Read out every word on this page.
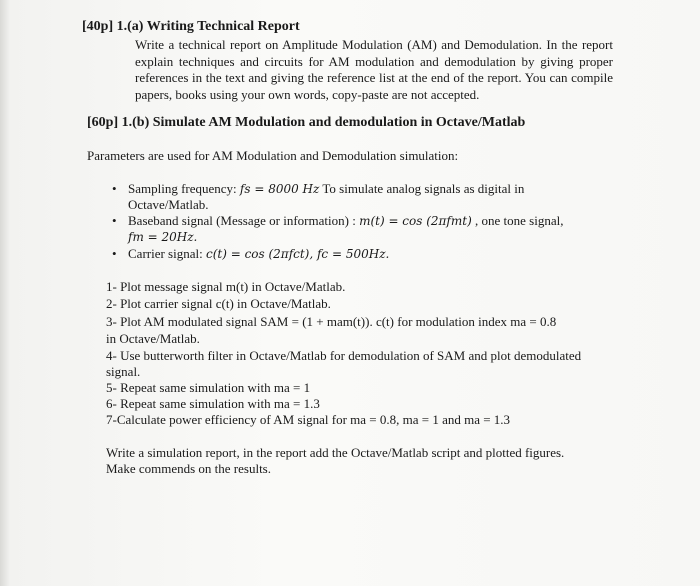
[40p] 1.(a) Writing Technical Report
Write a technical report on Amplitude Modulation (AM) and Demodulation. In the report explain techniques and circuits for AM modulation and demodulation by giving proper references in the text and giving the reference list at the end of the report. You can compile papers, books using your own words, copy-paste are not accepted.
[60p] 1.(b) Simulate AM Modulation and demodulation in Octave/Matlab
Parameters are used for AM Modulation and Demodulation simulation:
• Sampling frequency: fs = 8000 Hz To simulate analog signals as digital in
Octave/Matlab.
• Baseband signal (Message or information) : m(t) = cos (2πfmt) , one tone signal,
fm = 20Hz.
• Carrier signal: c(t) = cos (2πfct), fc = 500Hz.
1- Plot message signal m(t) in Octave/Matlab.
2- Plot carrier signal c(t) in Octave/Matlab.
3- Plot AM modulated signal SAM = (1 + mam(t)). c(t) for modulation index ma = 0.8
in Octave/Matlab.
4- Use butterworth filter in Octave/Matlab for demodulation of SAM and plot demodulated
signal.
5- Repeat same simulation with ma = 1
6- Repeat same simulation with ma = 1.3
7-Calculate power efficiency of AM signal for ma = 0.8, ma = 1 and ma = 1.3
Write a simulation report, in the report add the Octave/Matlab script and plotted figures.
Make commends on the results.
